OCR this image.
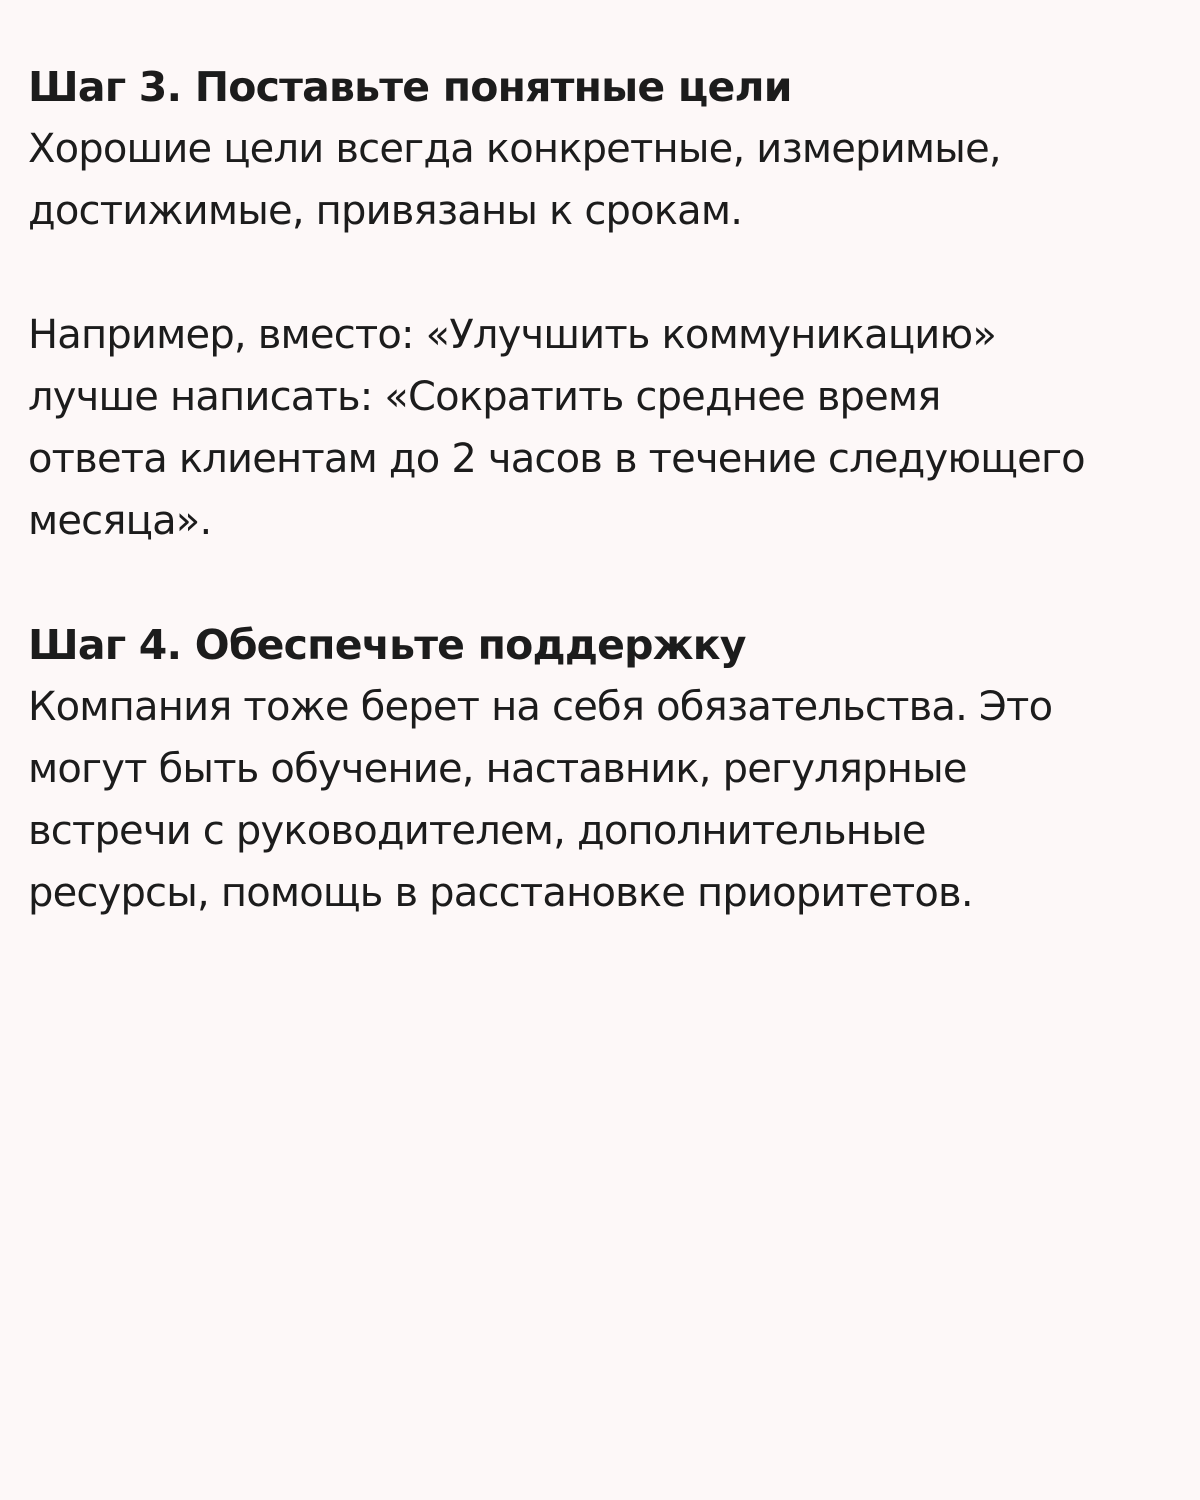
Шаг 3. Поставьте понятные цели

Хорошие цели всегда конкретные, измеримые,
достижимые, привязаны к срокам.

Например, вместо: «Улучшить коммуникацию»
лучше написать: «Сократить среднее время
ответа клиентам до 2 часов в течение следующего
месяца».

Шаг 4. Обеспечьте поддержку

Компания тоже берет на себя обязательства. Это
могут быть обучение, наставник, регулярные
встречи с руководителем, дополнительные
ресурсы, помощь в расстановке приоритетов.
